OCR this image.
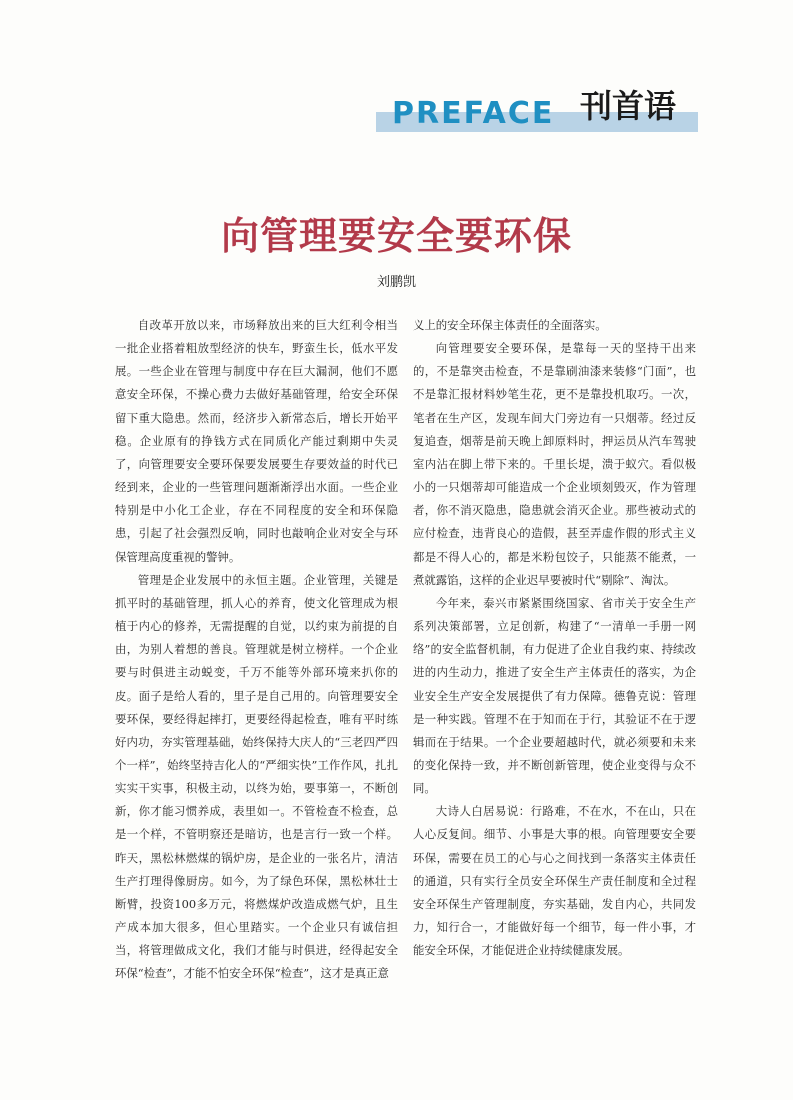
PREFACE 刊首语
向管理要安全要环保
刘鹏凯

自改革开放以来，市场释放出来的巨大红利令相当一批企业搭着粗放型经济的快车，野蛮生长，低水平发展。一些企业在管理与制度中存在巨大漏洞，他们不愿意安全环保，不操心费力去做好基础管理，给安全环保留下重大隐患。然而，经济步入新常态后，增长开始平稳。企业原有的挣钱方式在同质化产能过剩期中失灵了，向管理要安全要环保要发展要生存要效益的时代已经到来，企业的一些管理问题渐渐浮出水面。一些企业特别是中小化工企业，存在不同程度的安全和环保隐患，引起了社会强烈反响，同时也敲响企业对安全与环保管理高度重视的警钟。

管理是企业发展中的永恒主题。企业管理，关键是抓平时的基础管理，抓人心的养育，使文化管理成为根植于内心的修养，无需提醒的自觉，以约束为前提的自由，为别人着想的善良。管理就是树立榜样。一个企业要与时俱进主动蜕变，千万不能等外部环境来扒你的皮。面子是给人看的，里子是自己用的。向管理要安全要环保，要经得起摔打，更要经得起检查，唯有平时练好内功，夯实管理基础，始终保持大庆人的“三老四严四个一样”，始终坚持吉化人的“严细实快”工作作风，扎扎实实干实事，积极主动，以终为始，要事第一，不断创新，你才能习惯养成，表里如一。不管检查不检查，总是一个样，不管明察还是暗访，也是言行一致一个样。昨天，黑松林燃煤的锅炉房，是企业的一张名片，清洁生产打理得像厨房。如今，为了绿色环保，黑松林壮士断臂，投资100多万元，将燃煤炉改造成燃气炉，且生产成本加大很多，但心里踏实。一个企业只有诚信担当，将管理做成文化，我们才能与时俱进，经得起安全环保“检查”，才能不怕安全环保“检查”，这才是真正意

义上的安全环保主体责任的全面落实。

向管理要安全要环保，是靠每一天的坚持干出来的，不是靠突击检查，不是靠刷油漆来装修“门面”，也不是靠汇报材料妙笔生花，更不是靠投机取巧。一次，笔者在生产区，发现车间大门旁边有一只烟蒂。经过反复追查，烟蒂是前天晚上卸原料时，押运员从汽车驾驶室内沾在脚上带下来的。千里长堤，溃于蚁穴。看似极小的一只烟蒂却可能造成一个企业顷刻毁灭，作为管理者，你不消灭隐患，隐患就会消灭企业。那些被动式的应付检查，违背良心的造假，甚至弄虚作假的形式主义都是不得人心的，都是米粉包饺子，只能蒸不能煮，一煮就露馅，这样的企业迟早要被时代“剔除”、淘汰。

今年来，泰兴市紧紧围绕国家、省市关于安全生产系列决策部署，立足创新，构建了“一清单一手册一网络”的安全监督机制，有力促进了企业自我约束、持续改进的内生动力，推进了安全生产主体责任的落实，为企业安全生产安全发展提供了有力保障。德鲁克说：管理是一种实践。管理不在于知而在于行，其验证不在于逻辑而在于结果。一个企业要超越时代，就必须要和未来的变化保持一致，并不断创新管理，使企业变得与众不同。

大诗人白居易说：行路难，不在水，不在山，只在人心反复间。细节、小事是大事的根。向管理要安全要环保，需要在员工的心与心之间找到一条落实主体责任的通道，只有实行全员安全环保生产责任制度和全过程安全环保生产管理制度，夯实基础，发自内心，共同发力，知行合一，才能做好每一个细节，每一件小事，才能安全环保，才能促进企业持续健康发展。
